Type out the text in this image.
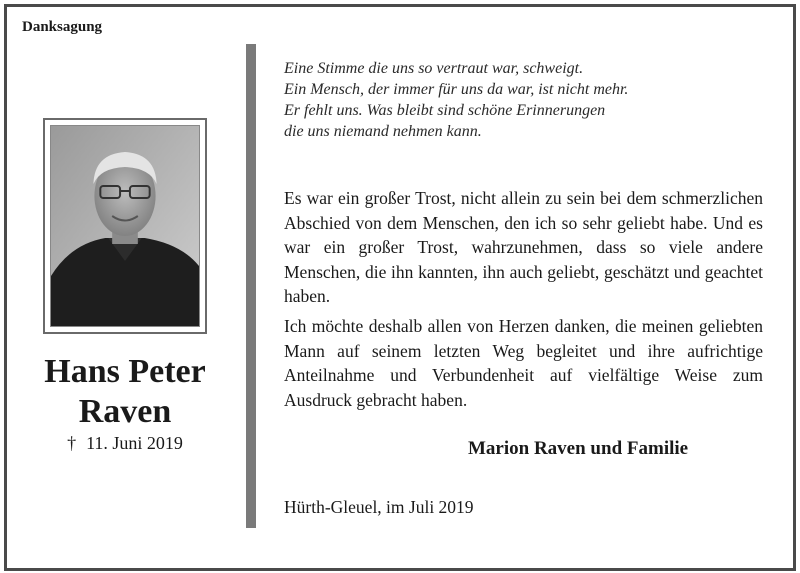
Danksagung
Hans Peter
Raven
† 11. Juni 2019
Eine Stimme die uns so vertraut war, schweigt.
Ein Mensch, der immer für uns da war, ist nicht mehr.
Er fehlt uns. Was bleibt sind schöne Erinnerungen
die uns niemand nehmen kann.
Es war ein großer Trost, nicht allein zu sein bei dem schmerzlichen Abschied von dem Menschen, den ich so sehr geliebt habe. Und es war ein großer Trost, wahrzunehmen, dass so viele andere Menschen, die ihn kannten, ihn auch geliebt, geschätzt und geachtet haben.
Ich möchte deshalb allen von Herzen danken, die meinen geliebten Mann auf seinem letzten Weg begleitet und ihre aufrichtige Anteilnahme und Verbundenheit auf vielfältige Weise zum Ausdruck gebracht haben.
Marion Raven und Familie
Hürth-Gleuel, im Juli 2019
